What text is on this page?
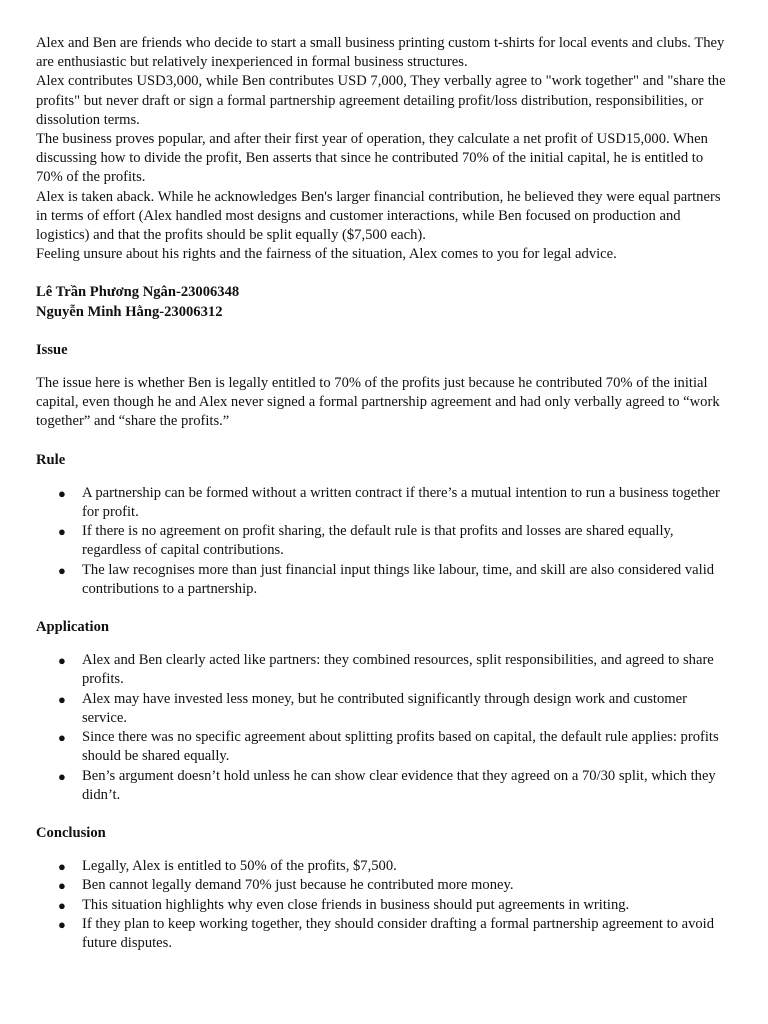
Alex and Ben are friends who decide to start a small business printing custom t-shirts for local events and clubs. They are enthusiastic but relatively inexperienced in formal business structures.

Alex contributes USD3,000, while Ben contributes USD 7,000, They verbally agree to "work together" and "share the profits" but never draft or sign a formal partnership agreement detailing profit/loss distribution, responsibilities, or dissolution terms.

The business proves popular, and after their first year of operation, they calculate a net profit of USD15,000. When discussing how to divide the profit, Ben asserts that since he contributed 70% of the initial capital, he is entitled to 70% of the profits.

Alex is taken aback. While he acknowledges Ben's larger financial contribution, he believed they were equal partners in terms of effort (Alex handled most designs and customer interactions, while Ben focused on production and logistics) and that the profits should be split equally ($7,500 each).

Feeling unsure about his rights and the fairness of the situation, Alex comes to you for legal advice.

Lê Trần Phương Ngân-23006348

Nguyễn Minh Hằng-23006312

Issue

The issue here is whether Ben is legally entitled to 70% of the profits just because he contributed 70% of the initial capital, even though he and Alex never signed a formal partnership agreement and had only verbally agreed to “work together” and “share the profits.”

Rule
● A partnership can be formed without a written contract if there’s a mutual intention to run a business together for profit.
● If there is no agreement on profit sharing, the default rule is that profits and losses are shared equally, regardless of capital contributions.
● The law recognises more than just financial input things like labour, time, and skill are also considered valid contributions to a partnership.
Application
● Alex and Ben clearly acted like partners: they combined resources, split responsibilities, and agreed to share profits.
● Alex may have invested less money, but he contributed significantly through design work and customer service.
● Since there was no specific agreement about splitting profits based on capital, the default rule applies: profits should be shared equally.
● Ben’s argument doesn’t hold unless he can show clear evidence that they agreed on a 70/30 split, which they didn’t.
Conclusion
● Legally, Alex is entitled to 50% of the profits, $7,500.
● Ben cannot legally demand 70% just because he contributed more money.
● This situation highlights why even close friends in business should put agreements in writing.
● If they plan to keep working together, they should consider drafting a formal partnership agreement to avoid future disputes.
